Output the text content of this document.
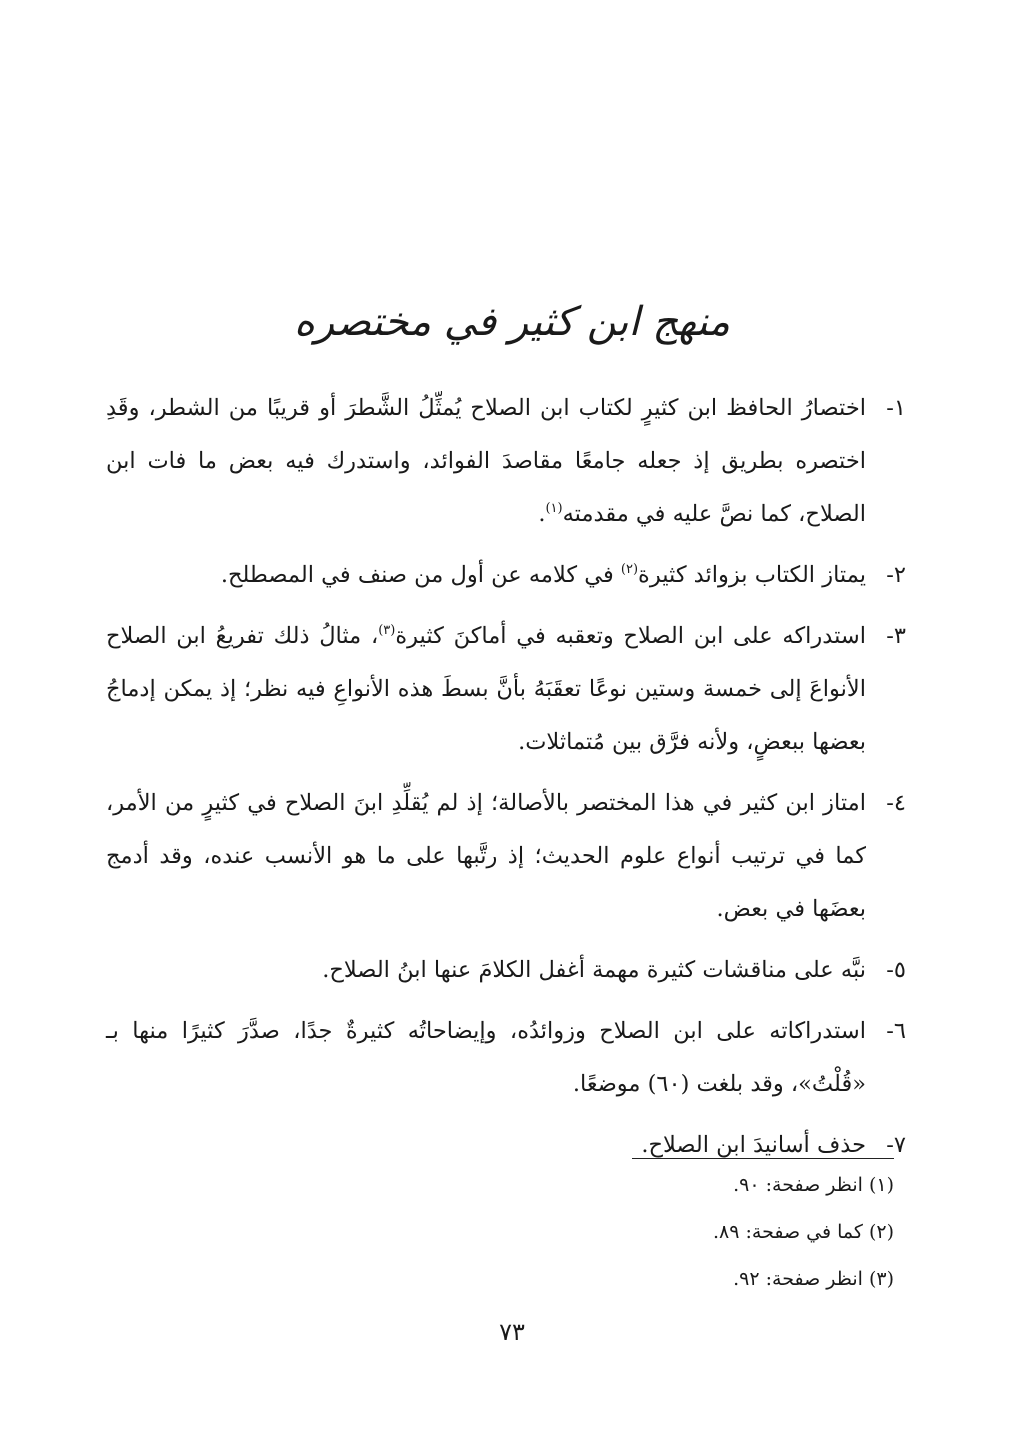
منهج ابن كثير في مختصره
١-
اختصارُ الحافظ ابن كثيرٍ لكتاب ابن الصلاح يُمثِّلُ الشَّطرَ أو قريبًا من الشطر، وقَدِ اختصره بطريق إذ جعله جامعًا مقاصدَ الفوائد، واستدرك فيه بعض ما فات ابن الصلاح، كما نصَّ عليه في مقدمته$^{(١)}$.
٢-
يمتاز الكتاب بزوائد كثيرة$^{(٢)}$ في كلامه عن أول من صنف في المصطلح.
٣-
استدراكه على ابن الصلاح وتعقبه في أماكنَ كثيرة$^{(٣)}$، مثالُ ذلك تفريعُ ابن الصلاح الأنواعَ إلى خمسة وستين نوعًا تعقَبَهُ بأنَّ بسطَ هذه الأنواعِ فيه نظر؛ إذ يمكن إدماجُ بعضها ببعضٍ، ولأنه فرَّق بين مُتماثلات.
٤-
امتاز ابن كثير في هذا المختصر بالأصالة؛ إذ لم يُقلِّدِ ابنَ الصلاح في كثيرٍ من الأمر، كما في ترتيب أنواع علوم الحديث؛ إذ رتَّبها على ما هو الأنسب عنده، وقد أدمج بعضَها في بعض.
٥-
نبَّه على مناقشات كثيرة مهمة أغفل الكلامَ عنها ابنُ الصلاح.
٦-
استدراكاته على ابن الصلاح وزوائدُه، وإيضاحاتُه كثيرةٌ جدًا، صدَّرَ كثيرًا منها بـ «قُلْتُ»، وقد بلغت (٦٠) موضعًا.
٧-
حذف أسانيدَ ابن الصلاح.
(١) انظر صفحة: ٩٠.
(٢) كما في صفحة: ٨٩.
(٣) انظر صفحة: ٩٢.
٧٣
